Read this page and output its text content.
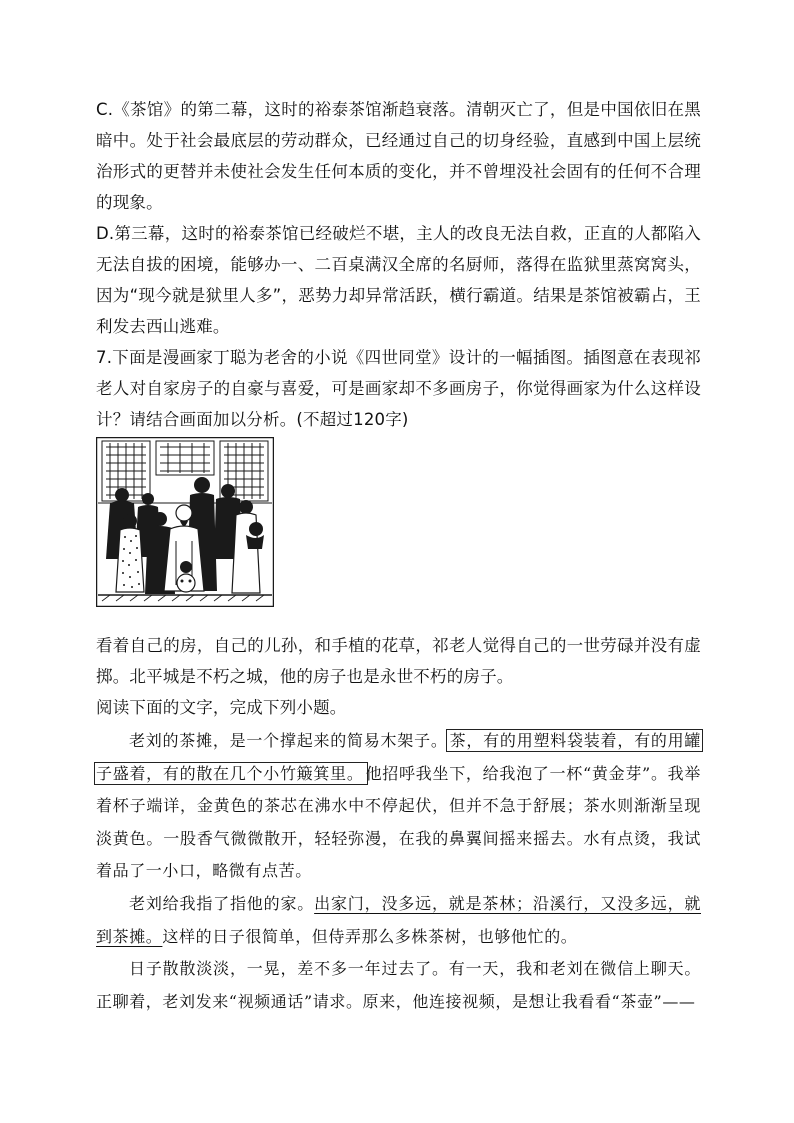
C.《茶馆》的第二幕，这时的裕泰茶馆渐趋衰落。清朝灭亡了，但是中国依旧在黑暗中。处于社会最底层的劳动群众，已经通过自己的切身经验，直感到中国上层统治形式的更替并未使社会发生任何本质的变化，并不曾埋没社会固有的任何不合理的现象。

D.第三幕，这时的裕泰茶馆已经破烂不堪，主人的改良无法自救，正直的人都陷入无法自拔的困境，能够办一、二百桌满汉全席的名厨师，落得在监狱里蒸窝窝头，因为“现今就是狱里人多”，恶势力却异常活跃，横行霸道。结果是茶馆被霸占，王利发去西山逃难。

7.下面是漫画家丁聪为老舍的小说《四世同堂》设计的一幅插图。插图意在表现祁老人对自家房子的自豪与喜爱，可是画家却不多画房子，你觉得画家为什么这样设计？请结合画面加以分析。(不超过120字)

看着自己的房，自己的儿孙，和手植的花草，祁老人觉得自己的一世劳碌并没有虚掷。北平城是不朽之城，他的房子也是永世不朽的房子。

阅读下面的文字，完成下列小题。

老刘的茶摊，是一个撑起来的简易木架子。 茶，有的用塑料袋装着，有的用罐子盛着，有的散在几个小竹簸箕里。 他招呼我坐下，给我泡了一杯“黄金芽”。我举着杯子端详，金黄色的茶芯在沸水中不停起伏，但并不急于舒展；茶水则渐渐呈现淡黄色。一股香气微微散开，轻轻弥漫，在我的鼻翼间摇来摇去。水有点烫，我试着品了一小口，略微有点苦。

老刘给我指了指他的家。出家门，没多远，就是茶林；沿溪行，又没多远，就到茶摊。这样的日子很简单，但侍弄那么多株茶树，也够他忙的。

日子散散淡淡，一晃，差不多一年过去了。有一天，我和老刘在微信上聊天。正聊着，老刘发来“视频通话”请求。原来，他连接视频，是想让我看看“茶壶”——
